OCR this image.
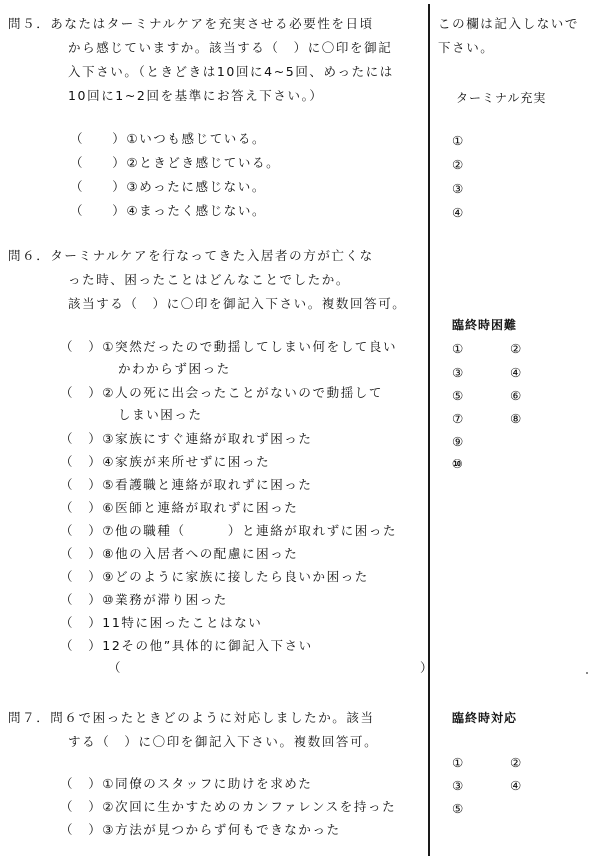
問５．あなたはターミナルケアを充実させる必要性を日頃
から感じていますか。該当する（　）に〇印を御記
入下さい。（ときどきは10回に4~5回、めったには
10回に1~2回を基準にお答え下さい。）
（　　）①いつも感じている。
（　　）②ときどき感じている。
（　　）③めったに感じない。
（　　）④まったく感じない。
問６．ターミナルケアを行なってきた入居者の方が亡くな
った時、困ったことはどんなことでしたか。
該当する（　）に〇印を御記入下さい。複数回答可。
（　）①突然だったので動揺してしまい何をして良い
かわからず困った
（　）②人の死に出会ったことがないので動揺して
しまい困った
（　）③家族にすぐ連絡が取れず困った
（　）④家族が来所せずに困った
（　）⑤看護職と連絡が取れずに困った
（　）⑥医師と連絡が取れずに困った
（　）⑦他の職種（　　　）と連絡が取れずに困った
（　）⑧他の入居者への配慮に困った
（　）⑨どのように家族に接したら良いか困った
（　）⑩業務が滞り困った
（　）11特に困ったことはない
（　）12その他”具体的に御記入下さい
（	）
問７．問６で困ったときどのように対応しましたか。該当
する（　）に〇印を御記入下さい。複数回答可。
（　）①同僚のスタッフに助けを求めた
（　）②次回に生かすためのカンファレンスを持った
（　）③方法が見つからず何もできなかった
この欄は記入しないで
下さい。
ターミナル充実
①
②
③
④
臨終時困難
①	②
③	④
⑤	⑥
⑦	⑧
⑨
⑩
臨終時対応
①	②
③	④
⑤
